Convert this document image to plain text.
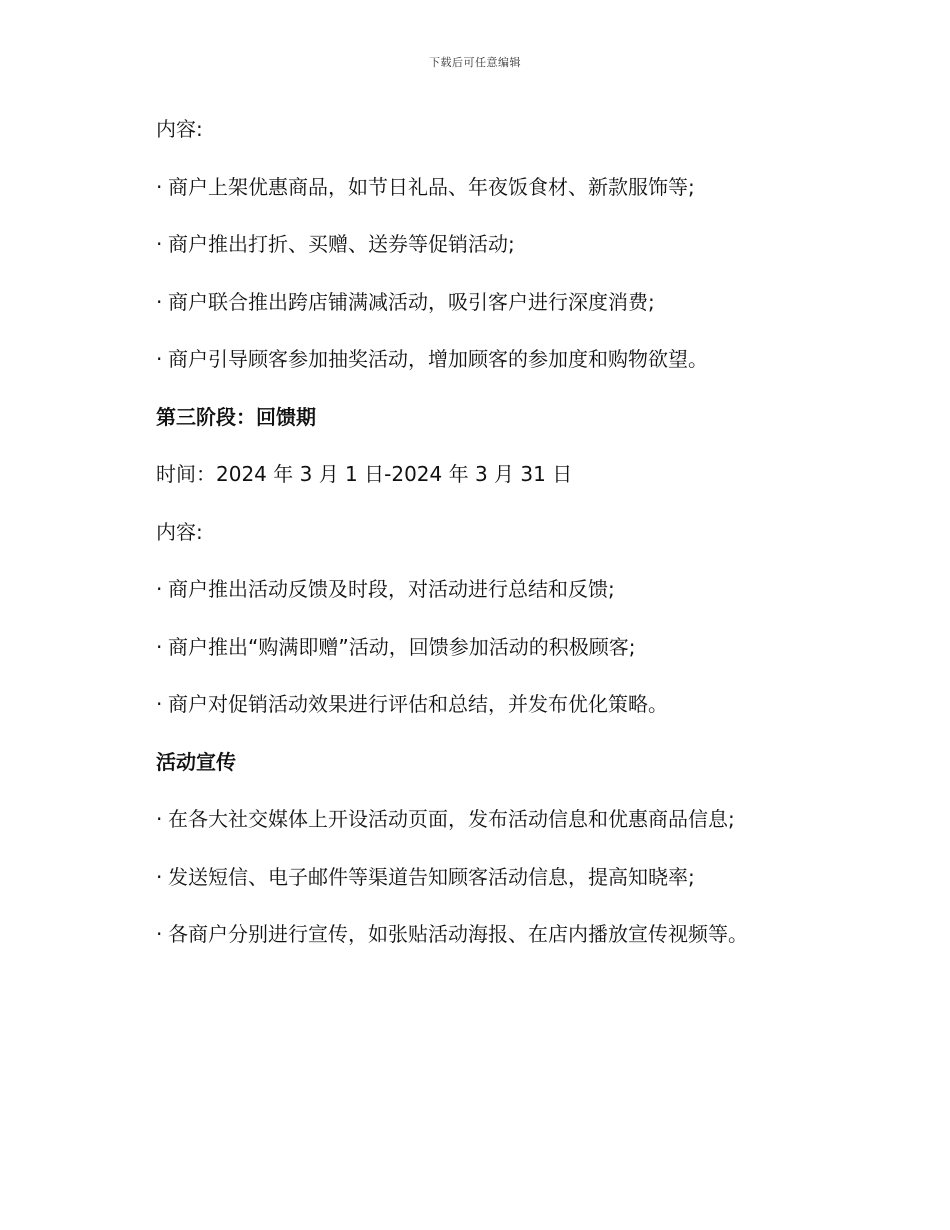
下载后可任意编辑
内容:
· 商户上架优惠商品，如节日礼品、年夜饭食材、新款服饰等;
· 商户推出打折、买赠、送券等促销活动;
· 商户联合推出跨店铺满减活动，吸引客户进行深度消费;
· 商户引导顾客参加抽奖活动，增加顾客的参加度和购物欲望。
第三阶段：回馈期
时间：2024 年 3 月 1 日-2024 年 3 月 31 日
内容:
· 商户推出活动反馈及时段，对活动进行总结和反馈;
· 商户推出“购满即赠”活动，回馈参加活动的积极顾客;
· 商户对促销活动效果进行评估和总结，并发布优化策略。
活动宣传
· 在各大社交媒体上开设活动页面，发布活动信息和优惠商品信息;
· 发送短信、电子邮件等渠道告知顾客活动信息，提高知晓率;
· 各商户分别进行宣传，如张贴活动海报、在店内播放宣传视频等。
